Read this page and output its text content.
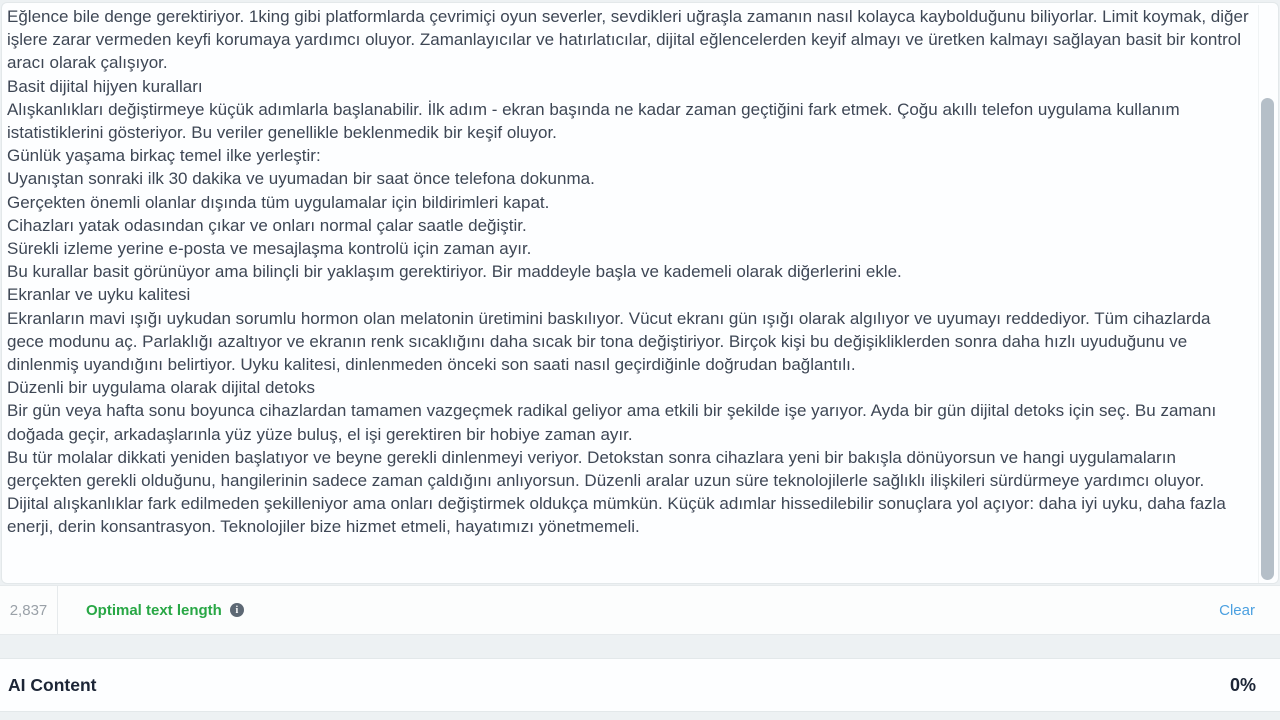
Eğlence bile denge gerektiriyor. 1king gibi platformlarda çevrimiçi oyun severler, sevdikleri uğraşla zamanın nasıl kolayca kaybolduğunu biliyorlar. Limit koymak, diğer işlere zarar vermeden keyfi korumaya yardımcı oluyor. Zamanlayıcılar ve hatırlatıcılar, dijital eğlencelerden keyif almayı ve üretken kalmayı sağlayan basit bir kontrol aracı olarak çalışıyor.

Basit dijital hijyen kuralları

Alışkanlıkları değiştirmeye küçük adımlarla başlanabilir. İlk adım - ekran başında ne kadar zaman geçtiğini fark etmek. Çoğu akıllı telefon uygulama kullanım istatistiklerini gösteriyor. Bu veriler genellikle beklenmedik bir keşif oluyor.

Günlük yaşama birkaç temel ilke yerleştir:

Uyanıştan sonraki ilk 30 dakika ve uyumadan bir saat önce telefona dokunma.

Gerçekten önemli olanlar dışında tüm uygulamalar için bildirimleri kapat.

Cihazları yatak odasından çıkar ve onları normal çalar saatle değiştir.

Sürekli izleme yerine e-posta ve mesajlaşma kontrolü için zaman ayır.

Bu kurallar basit görünüyor ama bilinçli bir yaklaşım gerektiriyor. Bir maddeyle başla ve kademeli olarak diğerlerini ekle.

Ekranlar ve uyku kalitesi

Ekranların mavi ışığı uykudan sorumlu hormon olan melatonin üretimini baskılıyor. Vücut ekranı gün ışığı olarak algılıyor ve uyumayı reddediyor. Tüm cihazlarda gece modunu aç. Parlaklığı azaltıyor ve ekranın renk sıcaklığını daha sıcak bir tona değiştiriyor. Birçok kişi bu değişikliklerden sonra daha hızlı uyuduğunu ve dinlenmiş uyandığını belirtiyor. Uyku kalitesi, dinlenmeden önceki son saati nasıl geçirdiğinle doğrudan bağlantılı.

Düzenli bir uygulama olarak dijital detoks

Bir gün veya hafta sonu boyunca cihazlardan tamamen vazgeçmek radikal geliyor ama etkili bir şekilde işe yarıyor. Ayda bir gün dijital detoks için seç. Bu zamanı doğada geçir, arkadaşlarınla yüz yüze buluş, el işi gerektiren bir hobiye zaman ayır.

Bu tür molalar dikkati yeniden başlatıyor ve beyne gerekli dinlenmeyi veriyor. Detokstan sonra cihazlara yeni bir bakışla dönüyorsun ve hangi uygulamaların gerçekten gerekli olduğunu, hangilerinin sadece zaman çaldığını anlıyorsun. Düzenli aralar uzun süre teknolojilerle sağlıklı ilişkileri sürdürmeye yardımcı oluyor.

Dijital alışkanlıklar fark edilmeden şekilleniyor ama onları değiştirmek oldukça mümkün. Küçük adımlar hissedilebilir sonuçlara yol açıyor: daha iyi uyku, daha fazla enerji, derin konsantrasyon. Teknolojiler bize hizmet etmeli, hayatımızı yönetmemeli.

2,837	Optimal text length	i	Clear
AI Content	0%
